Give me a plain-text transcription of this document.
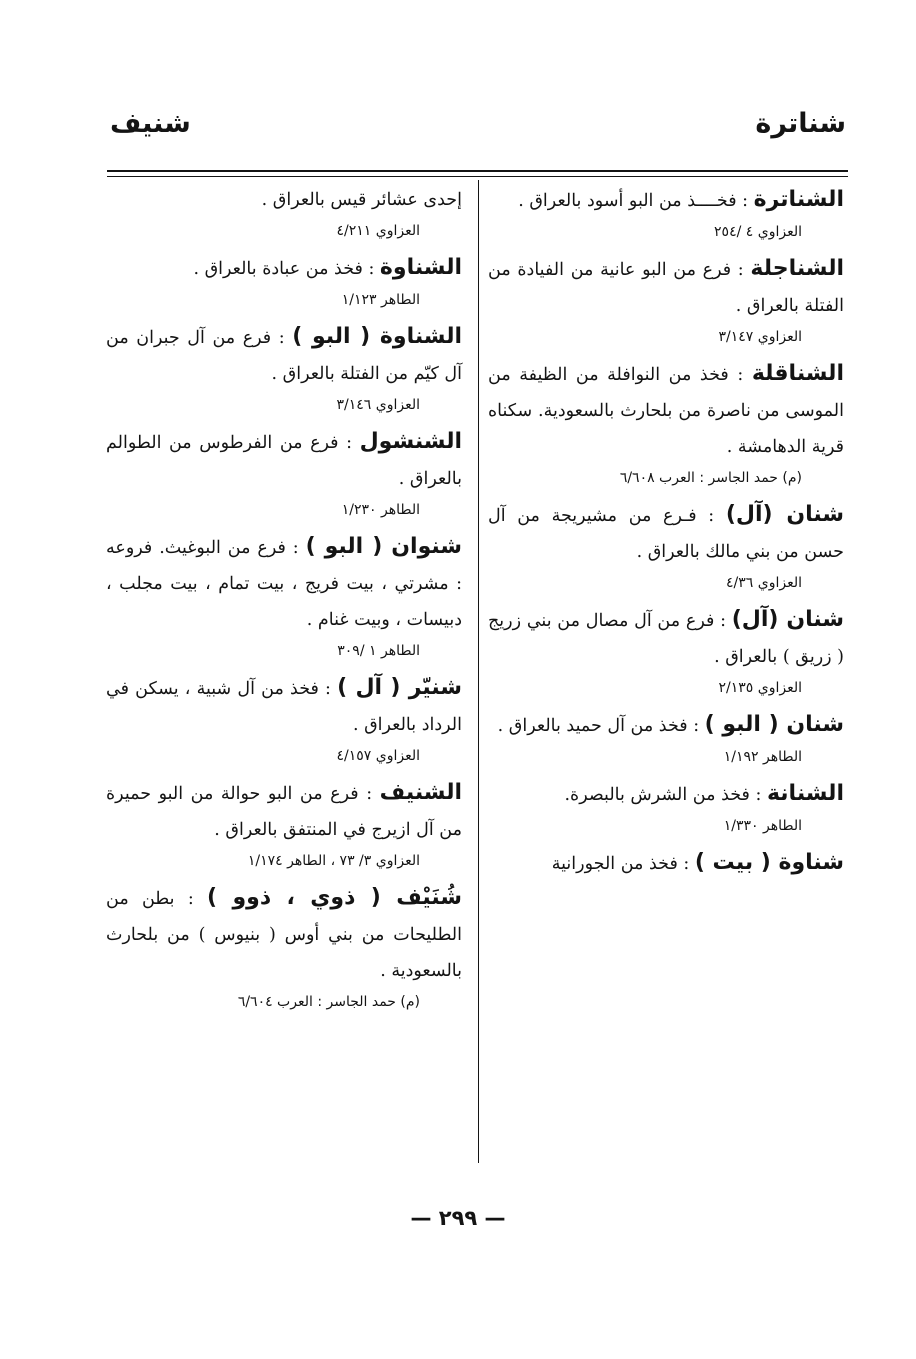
شناترة
شنيف

الشناترة : فخــــذ من البو أسود بالعراق .

العزاوي ٤ /٢٥٤

الشناجلة : فرع من البو عانية من الفيادة من الفتلة بالعراق .

العزاوي ٣/١٤٧

الشناقلة : فخذ من النوافلة من الظيفة من الموسى من ناصرة من بلحارث بالسعودية. سكناه قرية الدهامشة .

(م) حمد الجاسر : العرب ٦/٦٠٨

شنان (آل) : فـرع من مشيريجة من آل حسن من بني مالك بالعراق .

العزاوي ٤/٣٦

شنان (آل) : فرع من آل مصال من بني زريج ( زريق ) بالعراق .

العزاوي ٢/١٣٥

شنان ( البو ) : فخذ من آل حميد بالعراق .

الطاهر ١/١٩٢

الشنانة : فخذ من الشرش بالبصرة.

الطاهر ١/٣٣٠

شناوة ( بيت ) : فخذ من الجورانية

إحدى عشائر قيس بالعراق .

العزاوي ٤/٢١١

الشناوة : فخذ من عبادة بالعراق .

الطاهر ١/١٢٣

الشناوة ( البو ) : فرع من آل جبران من آل كيّم من الفتلة بالعراق .

العزاوي ٣/١٤٦

الشنشول : فرع من الفرطوس من الطوالم بالعراق .

الطاهر ١/٢٣٠

شنوان ( البو ) : فرع من البوغيث. فروعه : مشرتي ، بيت فريج ، بيت تمام ، بيت مجلب ، دبيسات ، وبيت غنام .

الطاهر ١ /٣٠٩

شنيّر ( آل ) : فخذ من آل شبية ، يسكن في الرداد بالعراق .

العزاوي ٤/١٥٧

الشنيف : فرع من البو حوالة من البو حميرة من آل ازيرج في المنتفق بالعراق .

العزاوي ٣/ ٧٣ ، الطاهر ١/١٧٤

شُنَيْف ( ذوي ، ذوو ) : بطن من الطليحات من بني أوس ( بنيوس ) من بلحارث بالسعودية .

(م) حمد الجاسر : العرب ٦/٦٠٤
— ٢٩٩ —
